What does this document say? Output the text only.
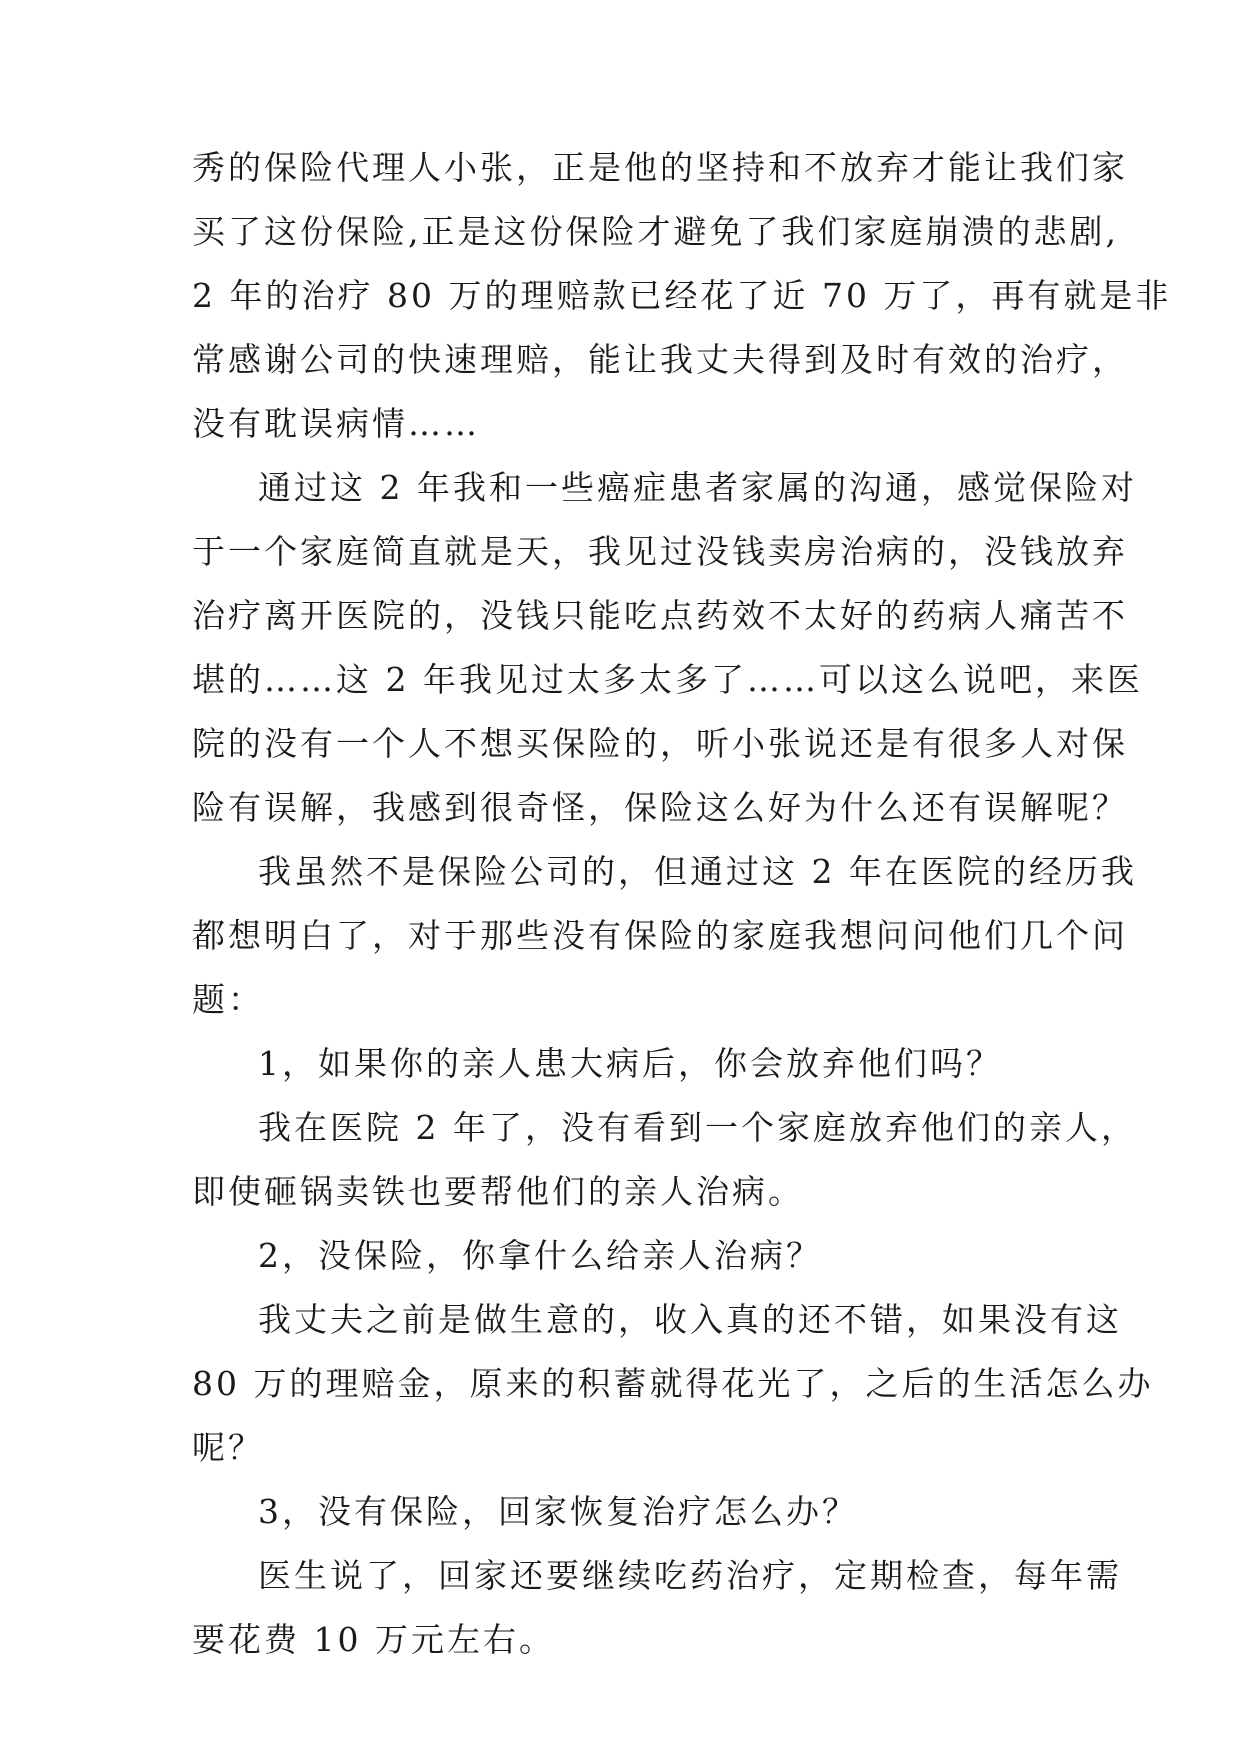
秀的保险代理人小张，正是他的坚持和不放弃才能让我们家
买了这份保险,正是这份保险才避免了我们家庭崩溃的悲剧,
2 年的治疗 80 万的理赔款已经花了近 70 万了，再有就是非
常感谢公司的快速理赔，能让我丈夫得到及时有效的治疗，
没有耽误病情……
通过这 2 年我和一些癌症患者家属的沟通，感觉保险对
于一个家庭简直就是天，我见过没钱卖房治病的，没钱放弃
治疗离开医院的，没钱只能吃点药效不太好的药病人痛苦不
堪的……这 2 年我见过太多太多了……可以这么说吧，来医
院的没有一个人不想买保险的，听小张说还是有很多人对保
险有误解，我感到很奇怪，保险这么好为什么还有误解呢？
我虽然不是保险公司的，但通过这 2 年在医院的经历我
都想明白了，对于那些没有保险的家庭我想问问他们几个问
题：
1，如果你的亲人患大病后，你会放弃他们吗？
我在医院 2 年了，没有看到一个家庭放弃他们的亲人，
即使砸锅卖铁也要帮他们的亲人治病。
2，没保险，你拿什么给亲人治病？
我丈夫之前是做生意的，收入真的还不错，如果没有这
80 万的理赔金，原来的积蓄就得花光了，之后的生活怎么办
呢？
3，没有保险，回家恢复治疗怎么办？
医生说了，回家还要继续吃药治疗，定期检查，每年需
要花费 10 万元左右。
